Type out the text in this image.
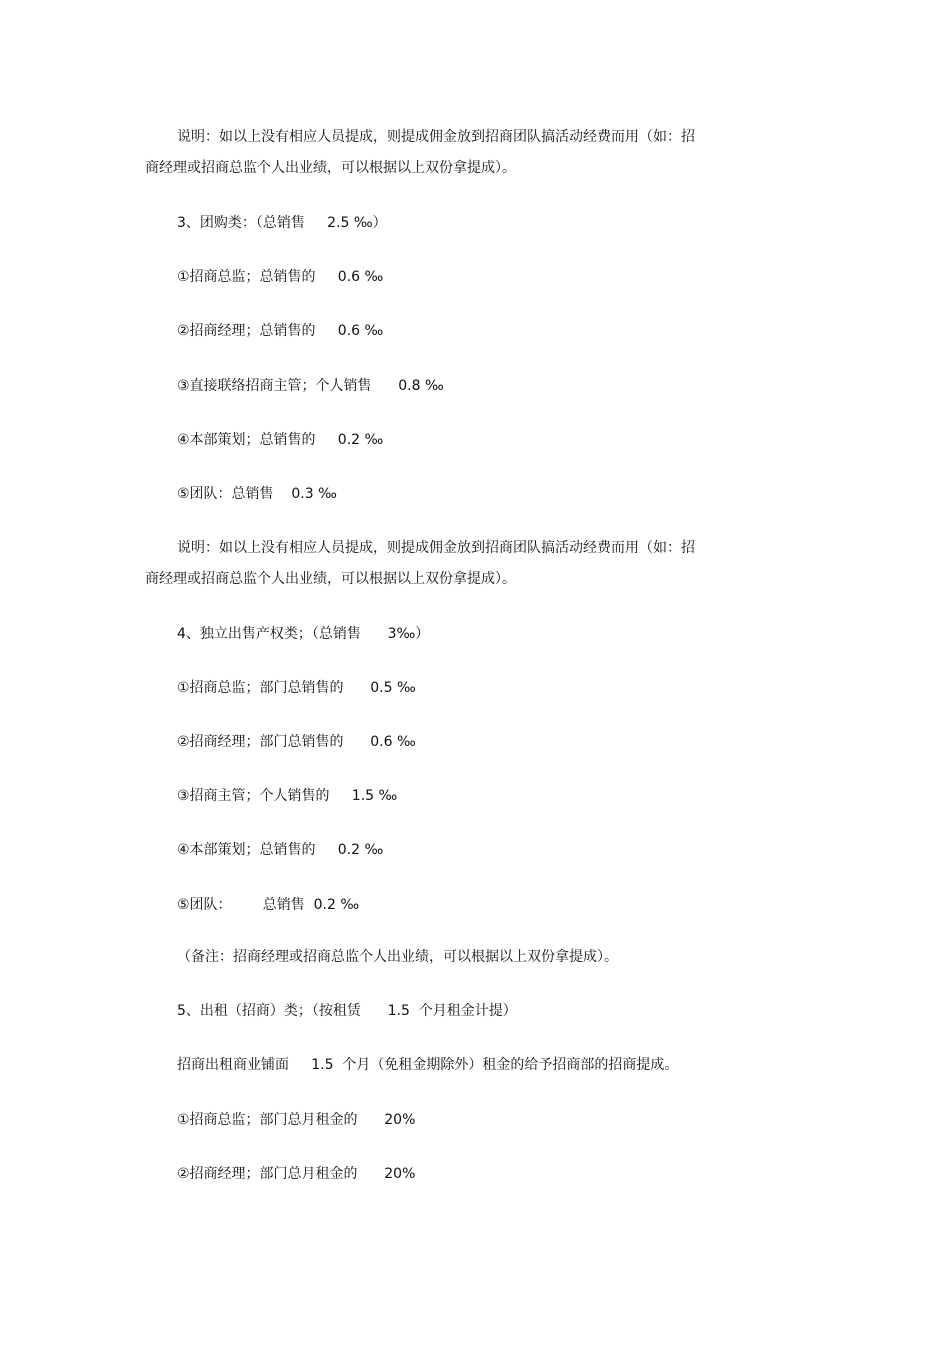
说明：如以上没有相应人员提成，则提成佣金放到招商团队搞活动经费而用（如：招

商经理或招商总监个人出业绩，可以根据以上双份拿提成）。

3、团购类：（总销售     2.5 ‰）

①招商总监；总销售的     0.6 ‰

②招商经理；总销售的     0.6 ‰

③直接联络招商主管；个人销售      0.8 ‰

④本部策划；总销售的     0.2 ‰

⑤团队：总销售    0.3 ‰

说明：如以上没有相应人员提成，则提成佣金放到招商团队搞活动经费而用（如：招

商经理或招商总监个人出业绩，可以根据以上双份拿提成）。

4、独立出售产权类；（总销售      3‰）

①招商总监；部门总销售的      0.5 ‰

②招商经理；部门总销售的      0.6 ‰

③招商主管；个人销售的     1.5 ‰

④本部策划；总销售的     0.2 ‰

⑤团队：       总销售  0.2 ‰

（备注：招商经理或招商总监个人出业绩，可以根据以上双份拿提成）。

5、出租（招商）类；（按租赁      1.5  个月租金计提）

招商出租商业铺面     1.5  个月（免租金期除外）租金的给予招商部的招商提成。

①招商总监；部门总月租金的      20%

②招商经理；部门总月租金的      20%
